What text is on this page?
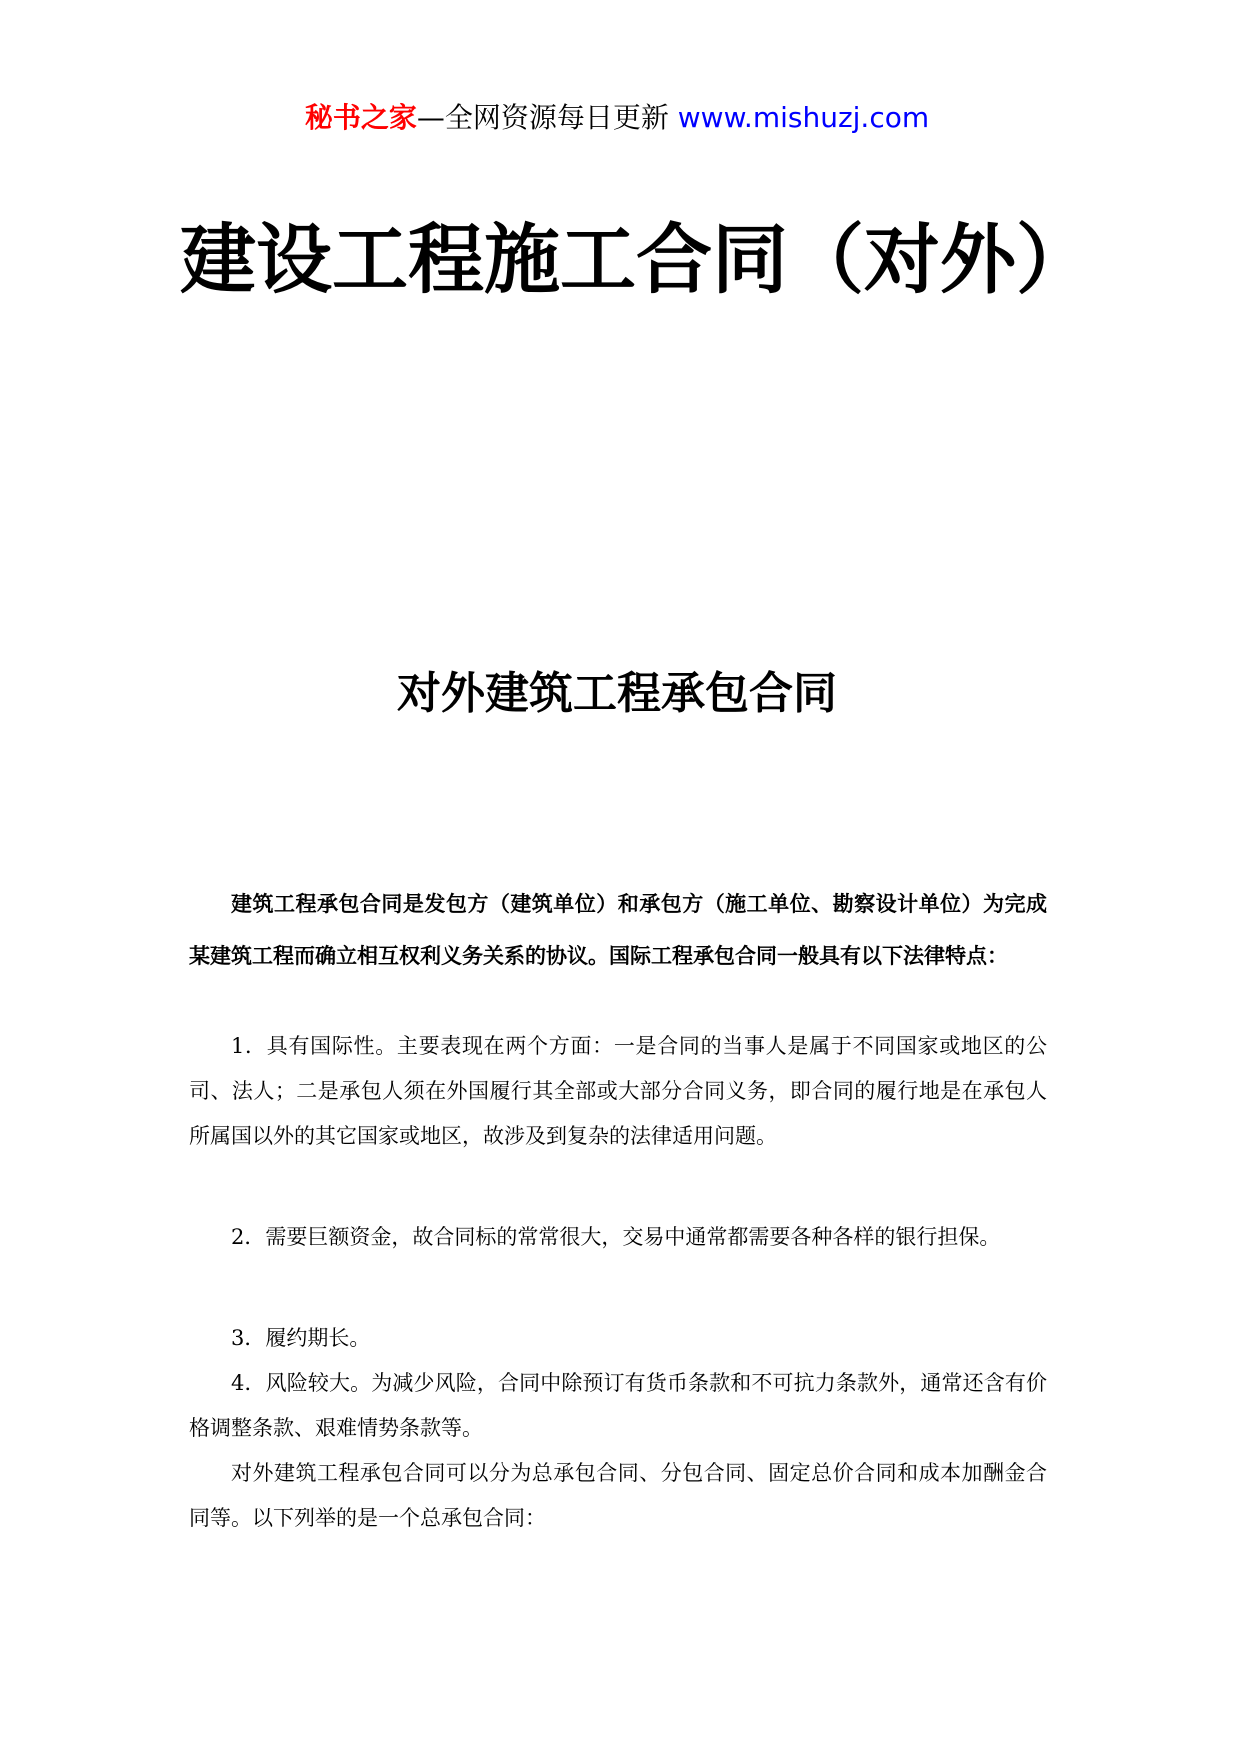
秘书之家—全网资源每日更新 www.mishuzj.com
建设工程施工合同（对外）
对外建筑工程承包合同
建筑工程承包合同是发包方（建筑单位）和承包方（施工单位、勘察设计单位）为完成某建筑工程而确立相互权利义务关系的协议。国际工程承包合同一般具有以下法律特点：

1．具有国际性。主要表现在两个方面：一是合同的当事人是属于不同国家或地区的公司、法人；二是承包人须在外国履行其全部或大部分合同义务，即合同的履行地是在承包人所属国以外的其它国家或地区，故涉及到复杂的法律适用问题。

2．需要巨额资金，故合同标的常常很大，交易中通常都需要各种各样的银行担保。

3．履约期长。

4．风险较大。为减少风险，合同中除预订有货币条款和不可抗力条款外，通常还含有价格调整条款、艰难情势条款等。

对外建筑工程承包合同可以分为总承包合同、分包合同、固定总价合同和成本加酬金合同等。以下列举的是一个总承包合同：
